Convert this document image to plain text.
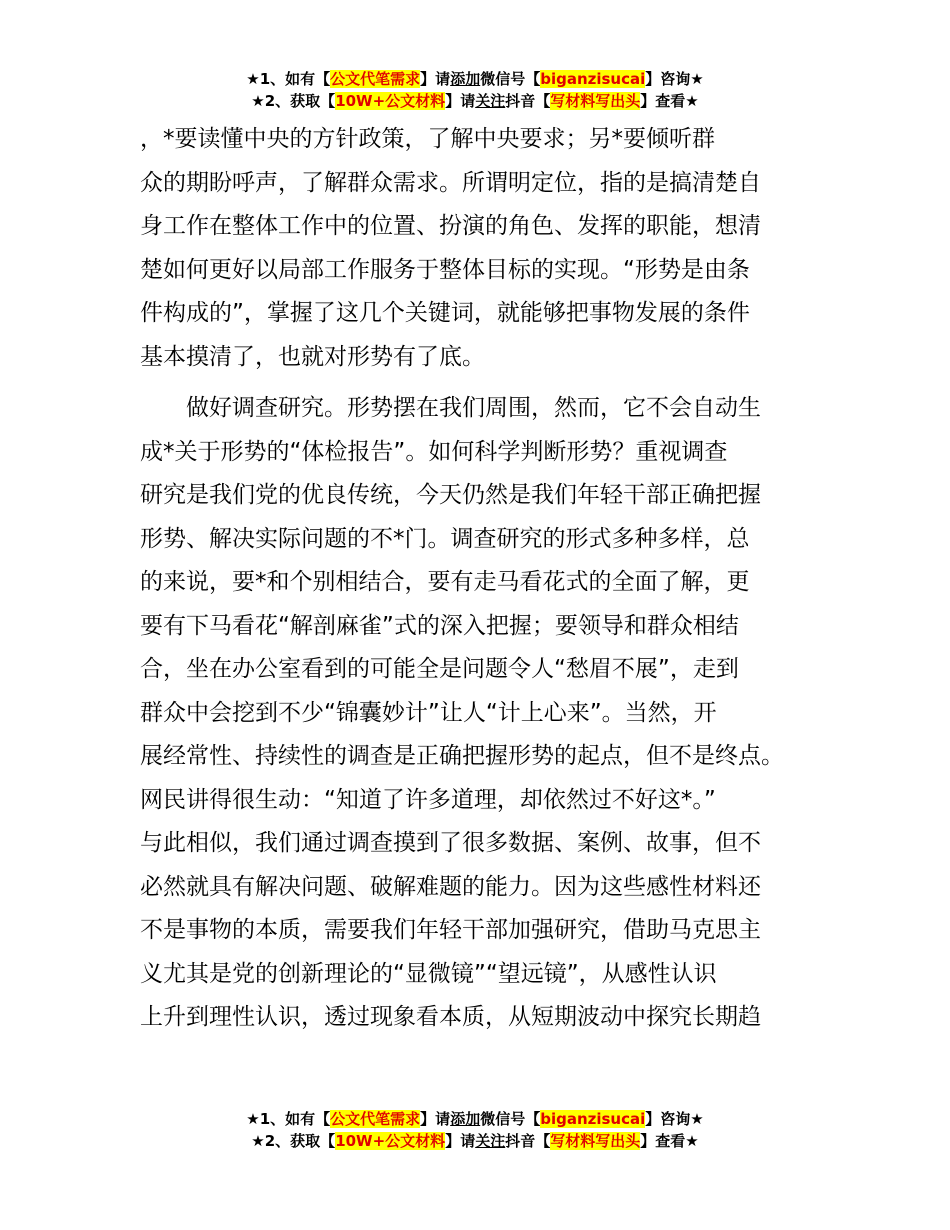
★1、如有【公文代笔需求】请添加微信号【biganzisucai】咨询★
★2、获取【10W+公文材料】请关注抖音【写材料写出头】查看★

，*要读懂中央的方针政策，了解中央要求；另*要倾听群

众的期盼呼声，了解群众需求。所谓明定位，指的是搞清楚自

身工作在整体工作中的位置、扮演的角色、发挥的职能，想清

楚如何更好以局部工作服务于整体目标的实现。“形势是由条

件构成的”，掌握了这几个关键词，就能够把事物发展的条件

基本摸清了，也就对形势有了底。

　　做好调查研究。形势摆在我们周围，然而，它不会自动生

成*关于形势的“体检报告”。如何科学判断形势？重视调查

研究是我们党的优良传统，今天仍然是我们年轻干部正确把握

形势、解决实际问题的不*门。调查研究的形式多种多样，总

的来说，要*和个别相结合，要有走马看花式的全面了解，更

要有下马看花“解剖麻雀”式的深入把握；要领导和群众相结

合，坐在办公室看到的可能全是问题令人“愁眉不展”，走到

群众中会挖到不少“锦囊妙计”让人“计上心来”。当然，开

展经常性、持续性的调查是正确把握形势的起点，但不是终点。

网民讲得很生动：“知道了许多道理，却依然过不好这*。”

与此相似，我们通过调查摸到了很多数据、案例、故事，但不

必然就具有解决问题、破解难题的能力。因为这些感性材料还

不是事物的本质，需要我们年轻干部加强研究，借助马克思主

义尤其是党的创新理论的“显微镜”“望远镜”，从感性认识

上升到理性认识，透过现象看本质，从短期波动中探究长期趋

★1、如有【公文代笔需求】请添加微信号【biganzisucai】咨询★
★2、获取【10W+公文材料】请关注抖音【写材料写出头】查看★
